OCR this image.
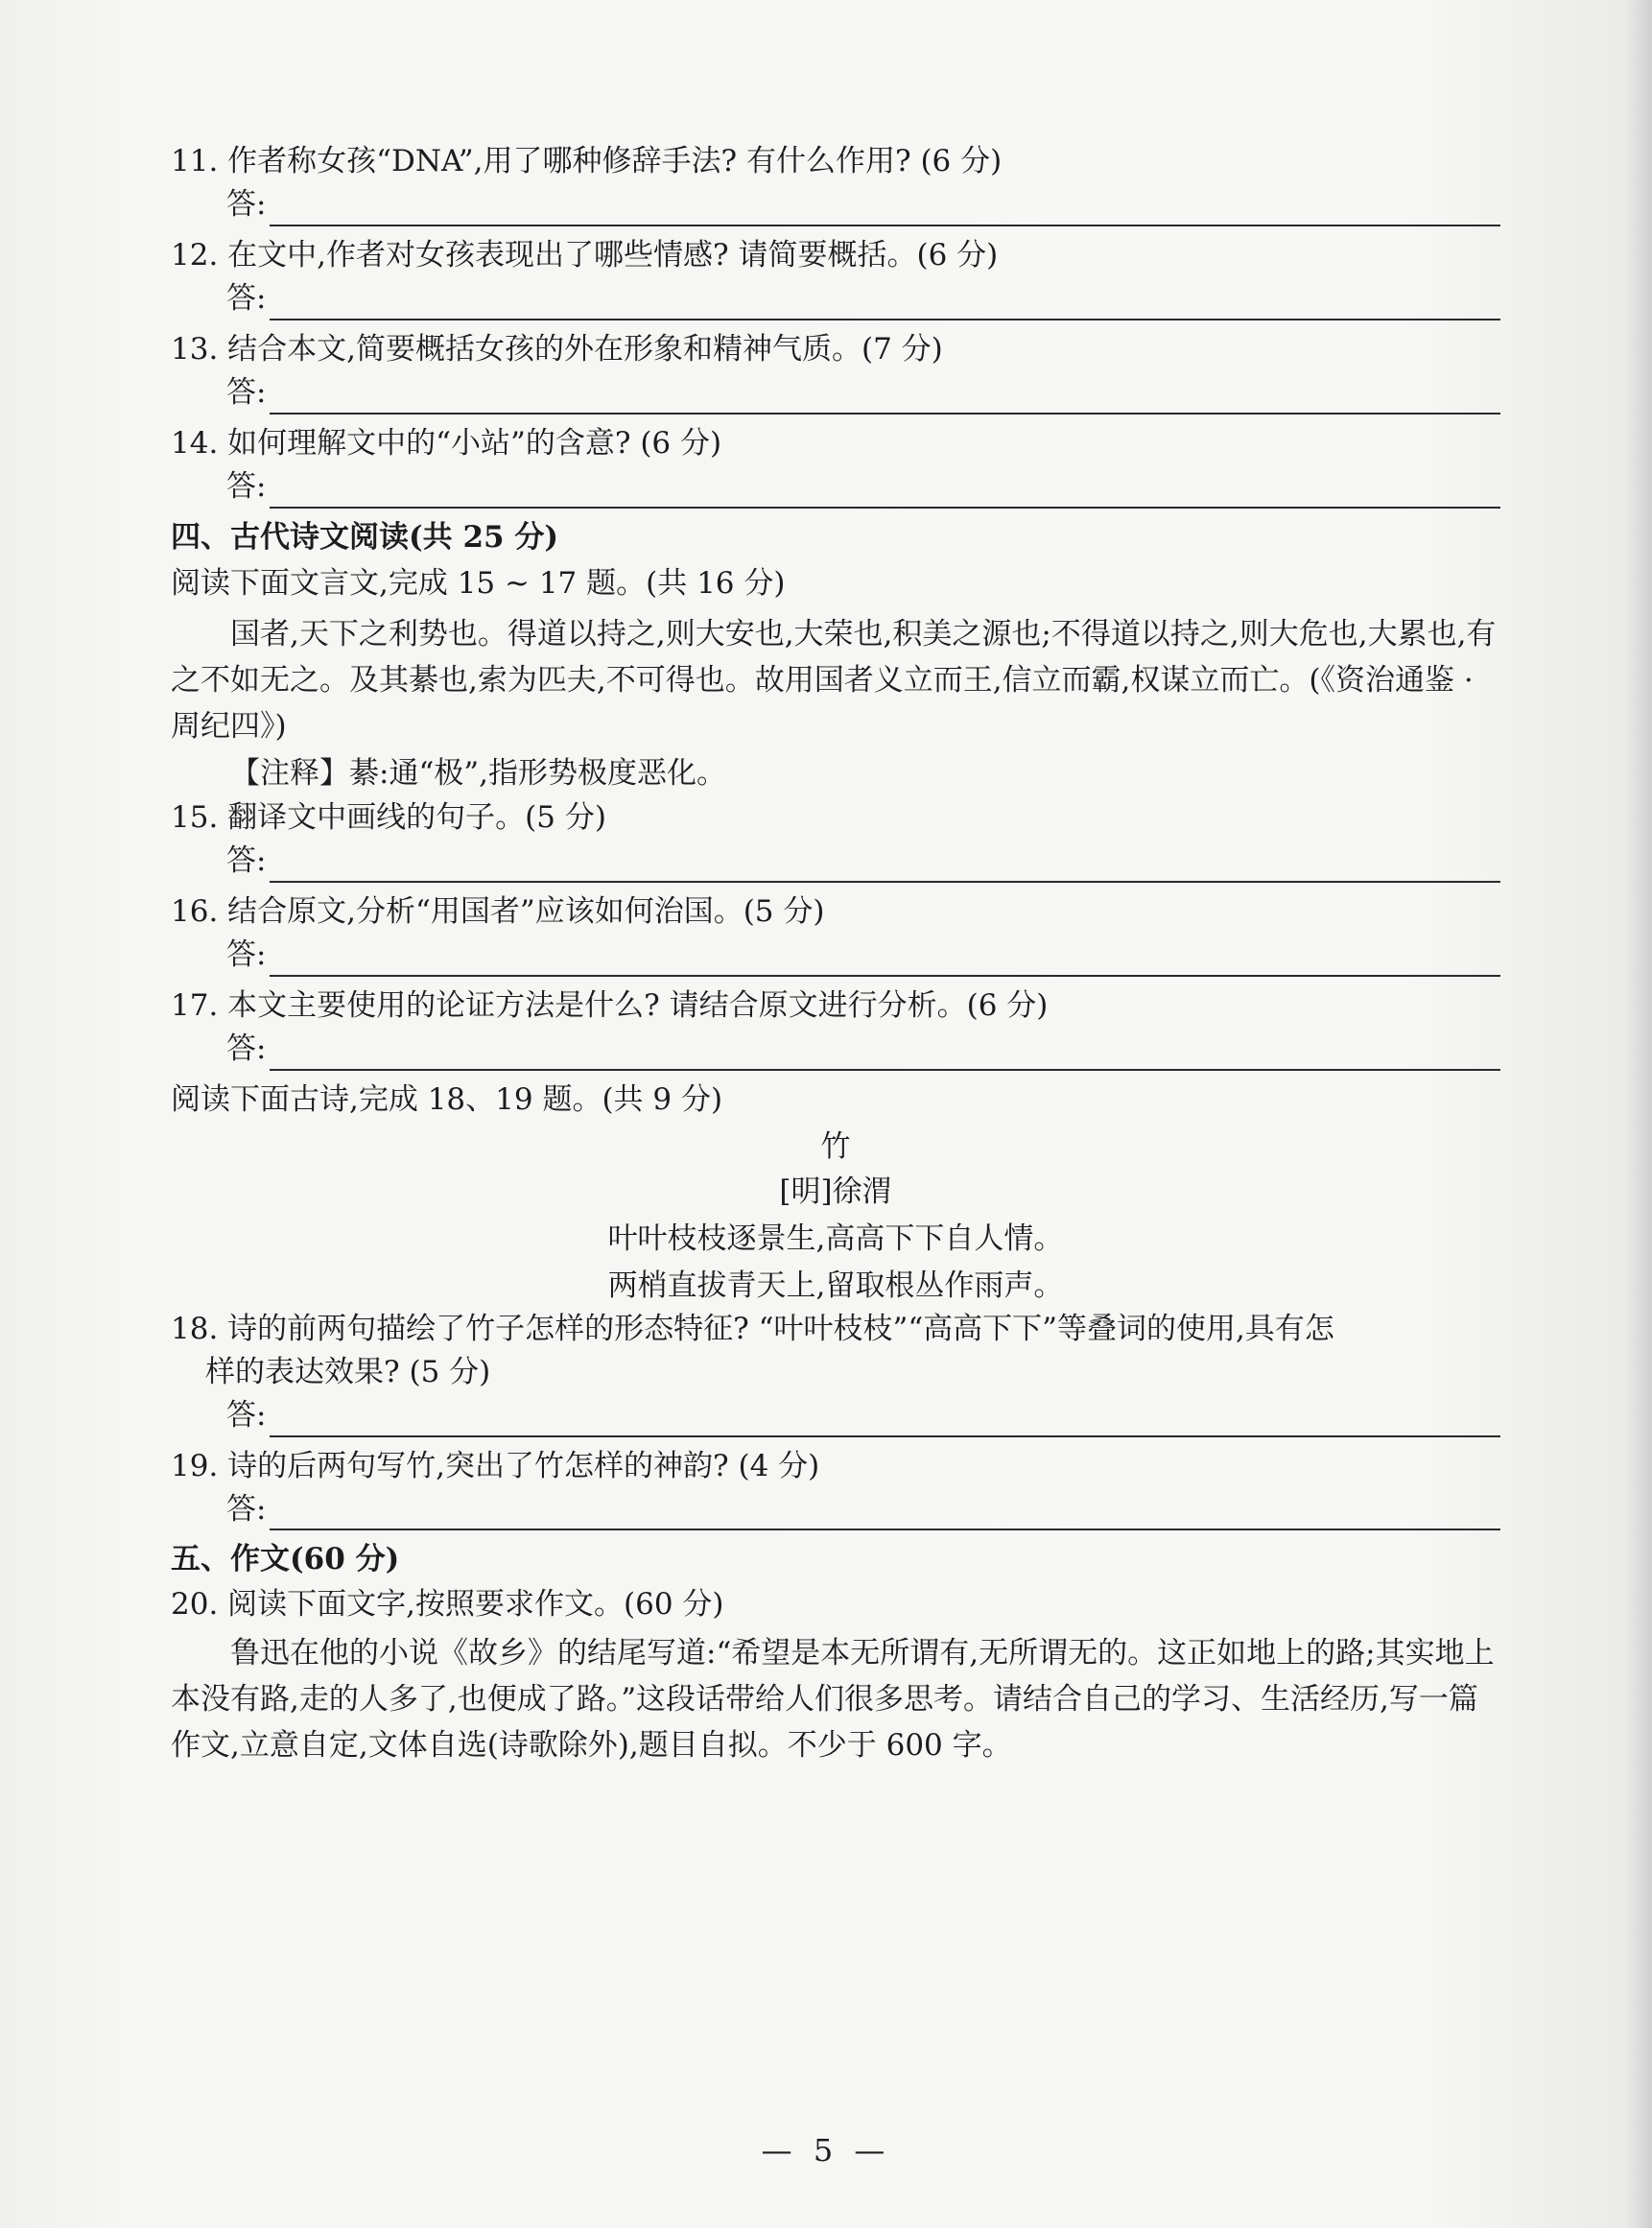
11. 作者称女孩“DNA”,用了哪种修辞手法? 有什么作用? (6 分)

答:

12. 在文中,作者对女孩表现出了哪些情感? 请简要概括。(6 分)

答:

13. 结合本文,简要概括女孩的外在形象和精神气质。(7 分)

答:

14. 如何理解文中的“小站”的含意? (6 分)

答:

四、古代诗文阅读(共 25 分)

阅读下面文言文,完成 15 ~ 17 题。(共 16 分)

国者,天下之利势也。得道以持之,则大安也,大荣也,积美之源也;不得道以持之,则大危也,大累也,有之不如无之。及其綦也,索为匹夫,不可得也。故用国者义立而王,信立而霸,权谋立而亡。(《资治通鉴 · 周纪四》)

【注释】綦:通“极”,指形势极度恶化。

15. 翻译文中画线的句子。(5 分)

答:

16. 结合原文,分析“用国者”应该如何治国。(5 分)

答:

17. 本文主要使用的论证方法是什么? 请结合原文进行分析。(6 分)

答:

阅读下面古诗,完成 18、19 题。(共 9 分)

竹

[明]徐渭

叶叶枝枝逐景生,高高下下自人情。

两梢直拔青天上,留取根丛作雨声。

18. 诗的前两句描绘了竹子怎样的形态特征? “叶叶枝枝”“高高下下”等叠词的使用,具有怎

样的表达效果? (5 分)

答:

19. 诗的后两句写竹,突出了竹怎样的神韵? (4 分)

答:

五、作文(60 分)

20. 阅读下面文字,按照要求作文。(60 分)

鲁迅在他的小说《故乡》的结尾写道:“希望是本无所谓有,无所谓无的。这正如地上的路;其实地上本没有路,走的人多了,也便成了路。”这段话带给人们很多思考。请结合自己的学习、生活经历,写一篇作文,立意自定,文体自选(诗歌除外),题目自拟。不少于 600 字。

— 5 —
